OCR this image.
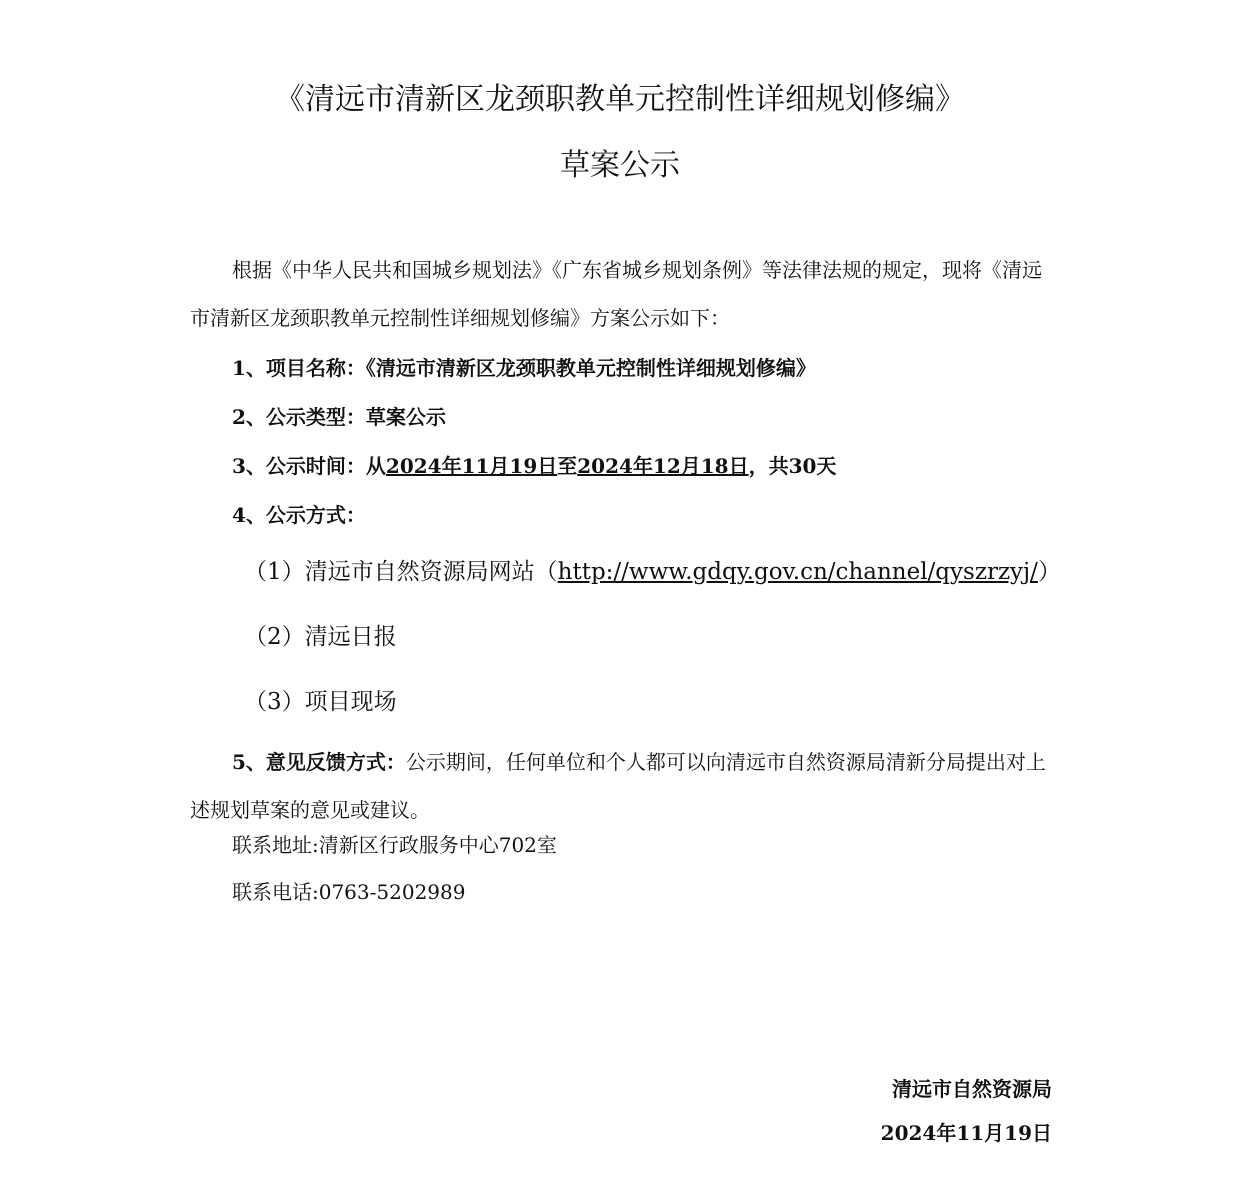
《清远市清新区龙颈职教单元控制性详细规划修编》
草案公示

根据《中华人民共和国城乡规划法》《广东省城乡规划条例》等法律法规的规定，现将《清远市清新区龙颈职教单元控制性详细规划修编》方案公示如下：

1、项目名称：《清远市清新区龙颈职教单元控制性详细规划修编》

2、公示类型：草案公示

3、公示时间：从2024年11月19日至2024年12月18日，共30天

4、公示方式：

（1）清远市自然资源局网站（http://www.gdqy.gov.cn/channel/qyszrzyj/）

（2）清远日报

（3）项目现场

5、意见反馈方式：公示期间，任何单位和个人都可以向清远市自然资源局清新分局提出对上述规划草案的意见或建议。

联系地址:清新区行政服务中心702室

联系电话:0763-5202989

清远市自然资源局

2024年11月19日
